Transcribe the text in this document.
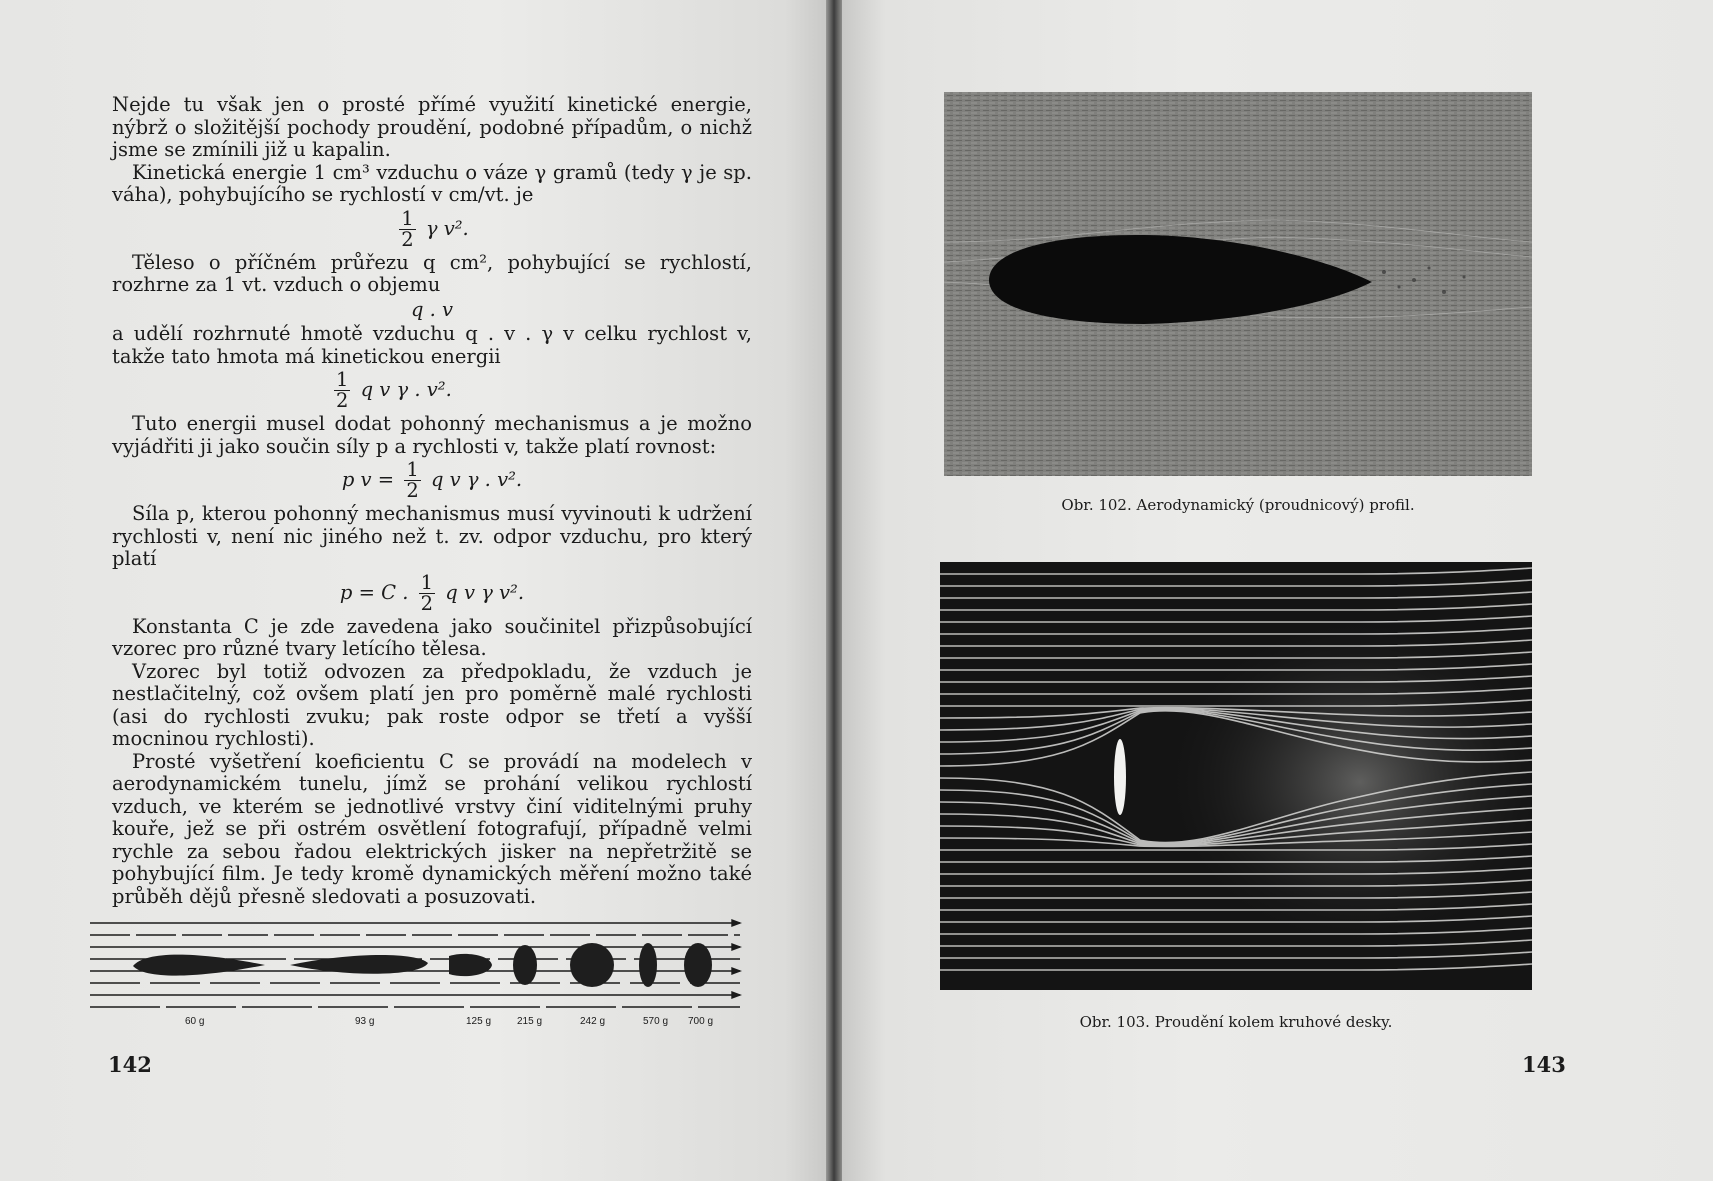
Nejde tu však jen o prosté přímé využití kinetické energie, nýbrž o složitější pochody proudění, podobné případům, o nichž jsme se zmínili již u kapalin.

Kinetická energie 1 cm³ vzduchu o váze γ gramů (tedy γ je sp. váha), pohybujícího se rychlostí v cm/vt. je

$\frac{1}{2}$ γ v².

Těleso o příčném průřezu q cm², pohybující se rychlostí, rozhrne za 1 vt. vzduch o objemu

q . v

a udělí rozhrnuté hmotě vzduchu q . v . γ v celku rychlost v, takže tato hmota má kinetickou energii

$\frac{1}{2}$ q v γ . v².

Tuto energii musel dodat pohonný mechanismus a je možno vyjádřiti ji jako součin síly p a rychlosti v, takže platí rovnost:

p $v = \frac{1}{2}$ q v γ . v².

Síla p, kterou pohonný mechanismus musí vyvinouti k udržení rychlosti v, není nic jiného než t. zv. odpor vzduchu, pro který platí

p = C . $\frac{1}{2}$ q v γ v².

Konstanta C je zde zavedena jako součinitel přizpůsobující vzorec pro různé tvary letícího tělesa.

Vzorec byl totiž odvozen za předpokladu, že vzduch je nestlačitelný, což ovšem platí jen pro poměrně malé rychlosti (asi do rychlosti zvuku; pak roste odpor se třetí a vyšší mocninou rychlosti).

Prosté vyšetření koeficientu C se provádí na modelech v aerodynamickém tunelu, jímž se prohání velikou rychlostí vzduch, ve kterém se jednotlivé vrstvy činí viditelnými pruhy kouře, jež se při ostrém osvětlení fotografují, případně velmi rychle za sebou řadou elektrických jisker na nepřetržitě se pohybující film. Je tedy kromě dynamických měření možno také průběh dějů přesně sledovati a posuzovati.

60 g	93 g	125 g	215 g	242 g	570 g 700 g
142
Obr. 102. Aerodynamický (proudnicový) profil.
Obr. 103. Proudění kolem kruhové desky.
143
